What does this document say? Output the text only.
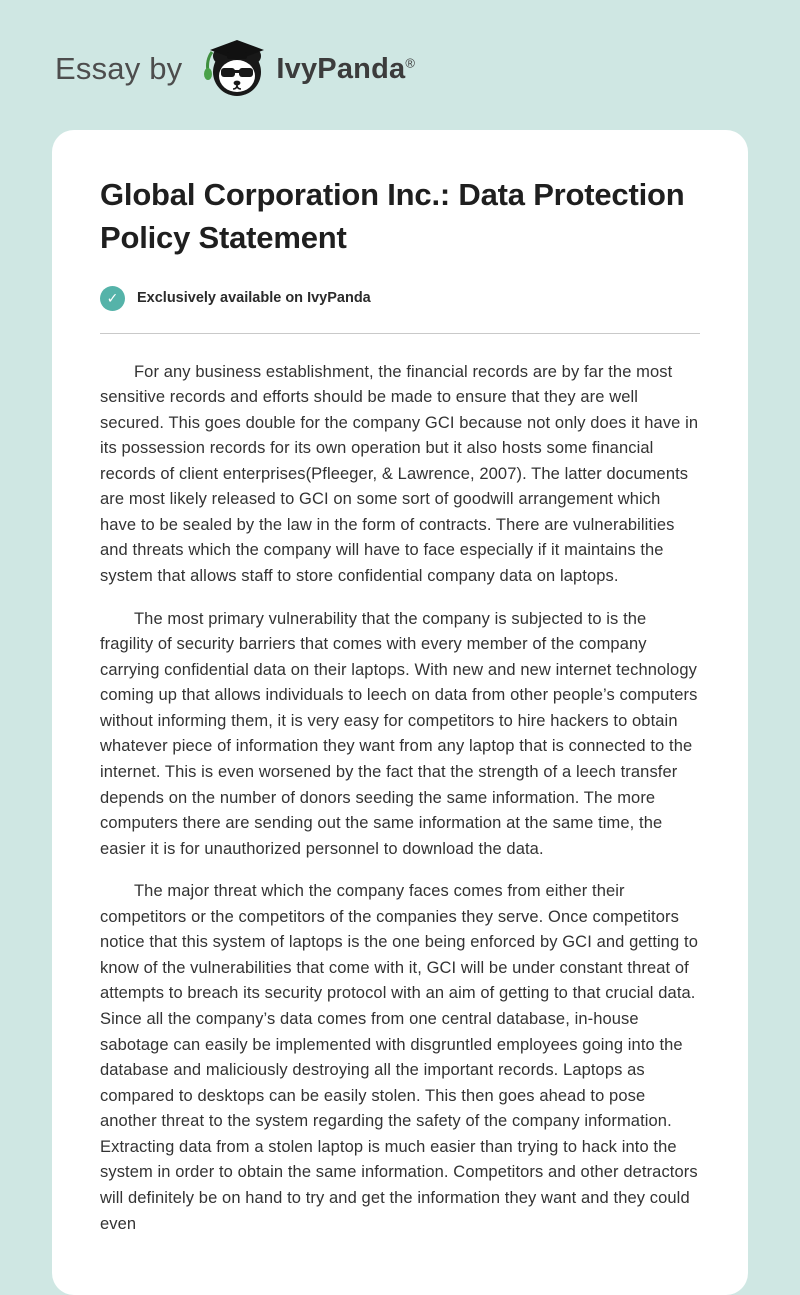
Essay by	IvyPanda®
Global Corporation Inc.: Data Protection Policy Statement
✓	Exclusively available on IvyPanda

For any business establishment, the financial records are by far the most sensitive records and efforts should be made to ensure that they are well secured. This goes double for the company GCI because not only does it have in its possession records for its own operation but it also hosts some financial records of client enterprises(Pfleeger, & Lawrence, 2007). The latter documents are most likely released to GCI on some sort of goodwill arrangement which have to be sealed by the law in the form of contracts. There are vulnerabilities and threats which the company will have to face especially if it maintains the system that allows staff to store confidential company data on laptops.

The most primary vulnerability that the company is subjected to is the fragility of security barriers that comes with every member of the company carrying confidential data on their laptops. With new and new internet technology coming up that allows individuals to leech on data from other people’s computers without informing them, it is very easy for competitors to hire hackers to obtain whatever piece of information they want from any laptop that is connected to the internet. This is even worsened by the fact that the strength of a leech transfer depends on the number of donors seeding the same information. The more computers there are sending out the same information at the same time, the easier it is for unauthorized personnel to download the data.

The major threat which the company faces comes from either their competitors or the competitors of the companies they serve. Once competitors notice that this system of laptops is the one being enforced by GCI and getting to know of the vulnerabilities that come with it, GCI will be under constant threat of attempts to breach its security protocol with an aim of getting to that crucial data. Since all the company’s data comes from one central database, in-house sabotage can easily be implemented with disgruntled employees going into the database and maliciously destroying all the important records. Laptops as compared to desktops can be easily stolen. This then goes ahead to pose another threat to the system regarding the safety of the company information. Extracting data from a stolen laptop is much easier than trying to hack into the system in order to obtain the same information. Competitors and other detractors will definitely be on hand to try and get the information they want and they could even
